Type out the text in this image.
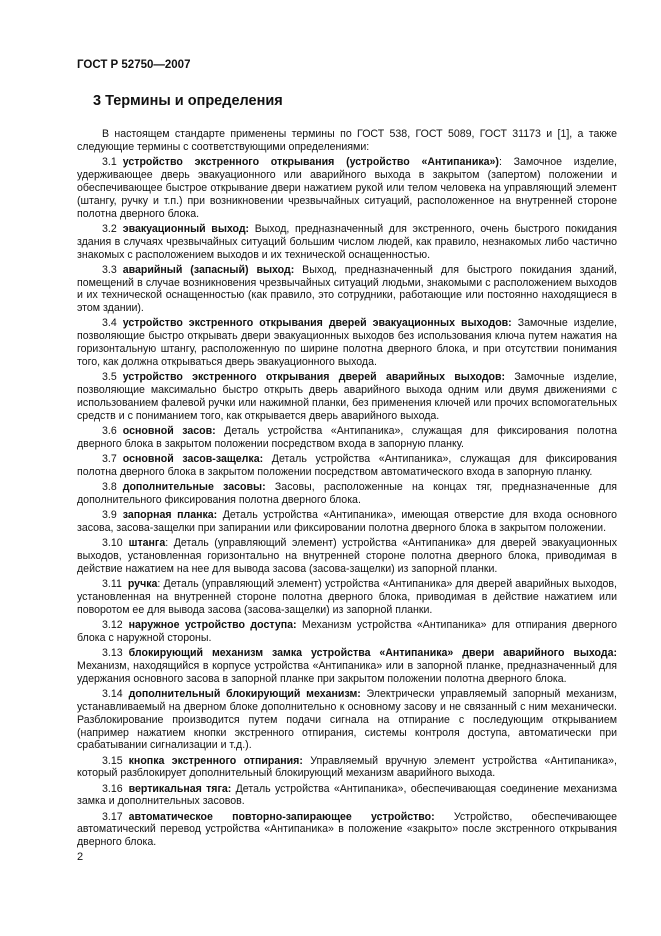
ГОСТ Р 52750—2007

3 Термины и определения

В настоящем стандарте применены термины по ГОСТ 538, ГОСТ 5089, ГОСТ 31173 и [1], а также следующие термины с соответствующими определениями:

3.1 устройство экстренного открывания (устройство «Антипаника»): Замочное изделие, удерживающее дверь эвакуационного или аварийного выхода в закрытом (запертом) положении и обеспечивающее быстрое открывание двери нажатием рукой или телом человека на управляющий элемент (штангу, ручку и т.п.) при возникновении чрезвычайных ситуаций, расположенное на внутренней стороне полотна дверного блока.

3.2 эвакуационный выход: Выход, предназначенный для экстренного, очень быстрого покидания здания в случаях чрезвычайных ситуаций большим числом людей, как правило, незнакомых либо частично знакомых с расположением выходов и их технической оснащенностью.

3.3 аварийный (запасный) выход: Выход, предназначенный для быстрого покидания зданий, помещений в случае возникновения чрезвычайных ситуаций людьми, знакомыми с расположением выходов и их технической оснащенностью (как правило, это сотрудники, работающие или постоянно находящиеся в этом здании).

3.4 устройство экстренного открывания дверей эвакуационных выходов: Замочные изделие, позволяющие быстро открывать двери эвакуационных выходов без использования ключа путем нажатия на горизонтальную штангу, расположенную по ширине полотна дверного блока, и при отсутствии понимания того, как должна открываться дверь эвакуационного выхода.

3.5 устройство экстренного открывания дверей аварийных выходов: Замочные изделие, позволяющие максимально быстро открыть дверь аварийного выхода одним или двумя движениями с использованием фалевой ручки или нажимной планки, без применения ключей или прочих вспомогательных средств и с пониманием того, как открывается дверь аварийного выхода.

3.6 основной засов: Деталь устройства «Антипаника», служащая для фиксирования полотна дверного блока в закрытом положении посредством входа в запорную планку.

3.7 основной засов-защелка: Деталь устройства «Антипаника», служащая для фиксирования полотна дверного блока в закрытом положении посредством автоматического входа в запорную планку.

3.8 дополнительные засовы: Засовы, расположенные на концах тяг, предназначенные для дополнительного фиксирования полотна дверного блока.

3.9 запорная планка: Деталь устройства «Антипаника», имеющая отверстие для входа основного засова, засова-защелки при запирании или фиксировании полотна дверного блока в закрытом положении.

3.10 штанга: Деталь (управляющий элемент) устройства «Антипаника» для дверей эвакуационных выходов, установленная горизонтально на внутренней стороне полотна дверного блока, приводимая в действие нажатием на нее для вывода засова (засова-защелки) из запорной планки.

3.11 ручка: Деталь (управляющий элемент) устройства «Антипаника» для дверей аварийных выходов, установленная на внутренней стороне полотна дверного блока, приводимая в действие нажатием или поворотом ее для вывода засова (засова-защелки) из запорной планки.

3.12 наружное устройство доступа: Механизм устройства «Антипаника» для отпирания дверного блока с наружной стороны.

3.13 блокирующий механизм замка устройства «Антипаника» двери аварийного выхода: Механизм, находящийся в корпусе устройства «Антипаника» или в запорной планке, предназначенный для удержания основного засова в запорной планке при закрытом положении полотна дверного блока.

3.14 дополнительный блокирующий механизм: Электрически управляемый запорный механизм, устанавливаемый на дверном блоке дополнительно к основному засову и не связанный с ним механически. Разблокирование производится путем подачи сигнала на отпирание с последующим открыванием (например нажатием кнопки экстренного отпирания, системы контроля доступа, автоматически при срабатывании сигнализации и т.д.).

3.15 кнопка экстренного отпирания: Управляемый вручную элемент устройства «Антипаника», который разблокирует дополнительный блокирующий механизм аварийного выхода.

3.16 вертикальная тяга: Деталь устройства «Антипаника», обеспечивающая соединение механизма замка и дополнительных засовов.

3.17 автоматическое повторно-запирающее устройство: Устройство, обеспечивающее автоматический перевод устройства «Антипаника» в положение «закрыто» после экстренного открывания дверного блока.

2
